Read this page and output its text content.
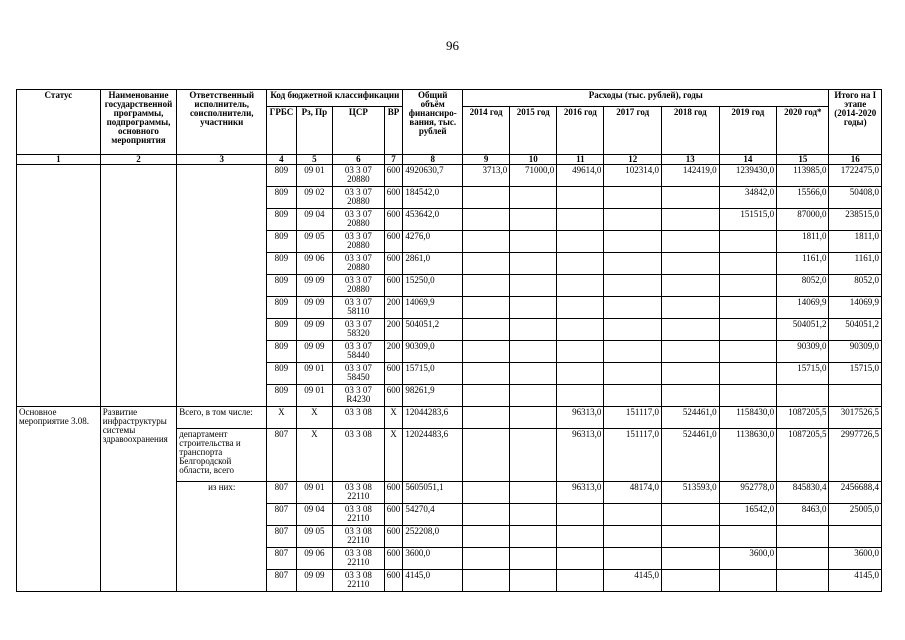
96
Статус	Наименование государственной программы, подпрограммы, основного мероприятия	Ответственный исполнитель, соисполнители, участники	Код бюджетной классификации				Общий объём финансиро-вания, тыс. рублей	Расходы (тыс. рублей), годы							Итого на I этапе (2014-2020 годы)
			ГРБС	Рз, Пр	ЦСР	ВР		2014 год	2015 год	2016 год	2017 год	2018 год	2019 год	2020 год*	
1	2	3	4	5	6	7	8	9	10	11	12	13	14	15	16
			809	09 01	03 3 07 20880	600	4920630,7	3713,0	71000,0	49614,0	102314,0	142419,0	1239430,0	113985,0	1722475,0
			809	09 02	03 3 07 20880	600	184542,0						34842,0	15566,0	50408,0
			809	09 04	03 3 07 20880	600	453642,0						151515,0	87000,0	238515,0
			809	09 05	03 3 07 20880	600	4276,0							1811,0	1811,0
			809	09 06	03 3 07 20880	600	2861,0							1161,0	1161,0
			809	09 09	03 3 07 20880	600	15250,0							8052,0	8052,0
			809	09 09	03 3 07 58110	200	14069,9							14069,9	14069,9
			809	09 09	03 3 07 58320	200	504051,2							504051,2	504051,2
			809	09 09	03 3 07 58440	200	90309,0							90309,0	90309,0
			809	09 01	03 3 07 58450	600	15715,0							15715,0	15715,0
			809	09 01	03 3 07 R4230	600	98261,9								
Основное мероприятие 3.08.	Развитие инфраструктуры системы здравоохранения	Всего, в том числе:	X	X	03 3 08	X	12044283,6			96313,0	151117,0	524461,0	1158430,0	1087205,5	3017526,5
		департамент строительства и транспорта Белгородской области, всего	807	X	03 3 08	X	12024483,6			96313,0	151117,0	524461,0	1138630,0	1087205,5	2997726,5
		из них:	807	09 01	03 3 08 22110	600	5605051,1			96313,0	48174,0	513593,0	952778,0	845830,4	2456688,4
			807	09 04	03 3 08 22110	600	54270,4						16542,0	8463,0	25005,0
			807	09 05	03 3 08 22110	600	252208,0								
			807	09 06	03 3 08 22110	600	3600,0						3600,0		3600,0
			807	09 09	03 3 08 22110	600	4145,0				4145,0				4145,0
